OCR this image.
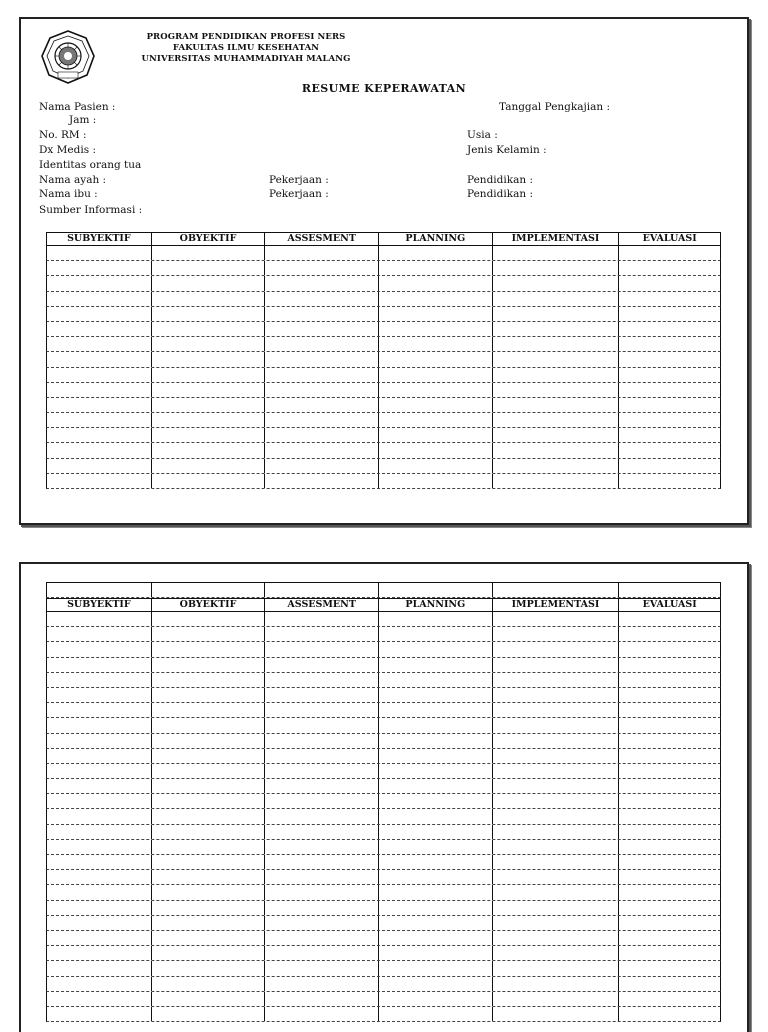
PROGRAM PENDIDIKAN PROFESI NERS
FAKULTAS ILMU KESEHATAN
UNIVERSITAS MUHAMMADIYAH MALANG
RESUME KEPERAWATAN
Nama Pasien :	Tanggal Pengkajian :
Jam :
No. RM :	Usia :
Dx Medis :	Jenis Kelamin :
Identitas orang tua
Nama ayah :	Pekerjaan :	Pendidikan :
Nama ibu :	Pekerjaan :	Pendidikan :
Sumber Informasi :
SUBYEKTIF	OBYEKTIF	ASSESMENT	PLANNING	IMPLEMENTASI	EVALUASI
SUBYEKTIF	OBYEKTIF	ASSESMENT	PLANNING	IMPLEMENTASI	EVALUASI
